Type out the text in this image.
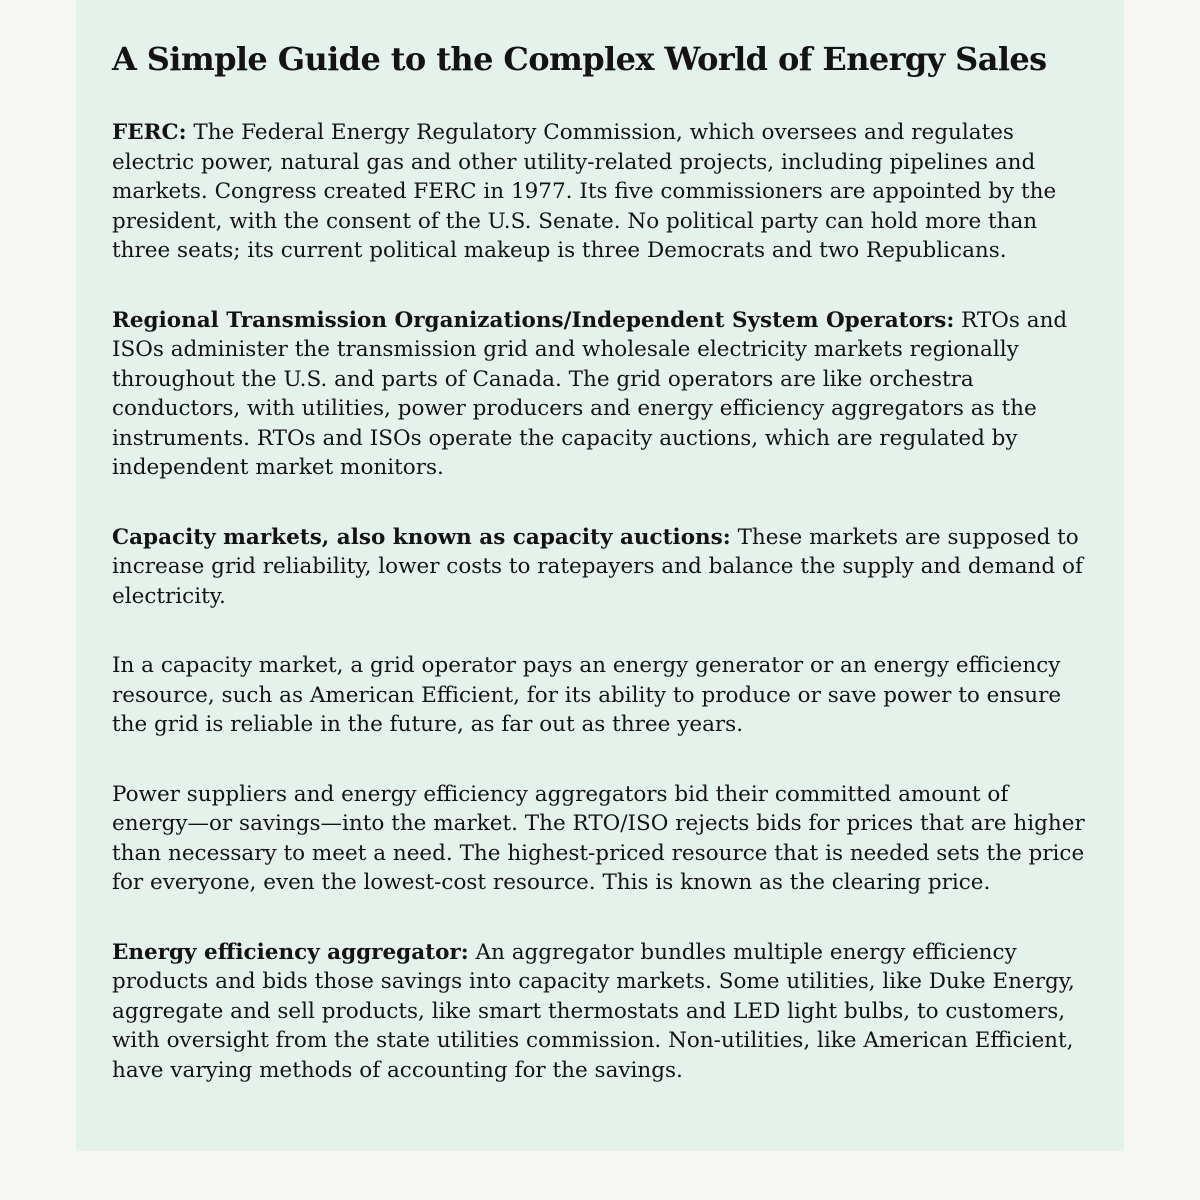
A Simple Guide to the Complex World of Energy Sales

FERC: The Federal Energy Regulatory Commission, which oversees and regulates electric power, natural gas and other utility-related projects, including pipelines and markets. Congress created FERC in 1977. Its five commissioners are appointed by the president, with the consent of the U.S. Senate. No political party can hold more than three seats; its current political makeup is three Democrats and two Republicans.

Regional Transmission Organizations/Independent System Operators: RTOs and ISOs administer the transmission grid and wholesale electricity markets regionally throughout the U.S. and parts of Canada. The grid operators are like orchestra conductors, with utilities, power producers and energy efficiency aggregators as the instruments. RTOs and ISOs operate the capacity auctions, which are regulated by independent market monitors.

Capacity markets, also known as capacity auctions: These markets are supposed to increase grid reliability, lower costs to ratepayers and balance the supply and demand of electricity.

In a capacity market, a grid operator pays an energy generator or an energy efficiency resource, such as American Efficient, for its ability to produce or save power to ensure the grid is reliable in the future, as far out as three years.

Power suppliers and energy efficiency aggregators bid their committed amount of energy—or savings—into the market. The RTO/ISO rejects bids for prices that are higher than necessary to meet a need. The highest-priced resource that is needed sets the price for everyone, even the lowest-cost resource. This is known as the clearing price.

Energy efficiency aggregator: An aggregator bundles multiple energy efficiency products and bids those savings into capacity markets. Some utilities, like Duke Energy, aggregate and sell products, like smart thermostats and LED light bulbs, to customers, with oversight from the state utilities commission. Non-utilities, like American Efficient, have varying methods of accounting for the savings.
